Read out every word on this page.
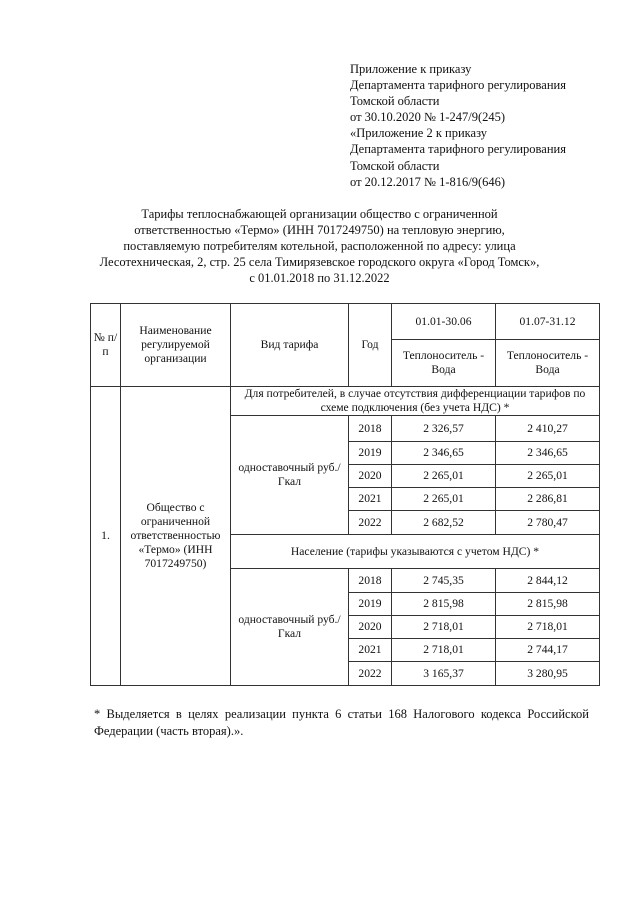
Приложение к приказу
Департамента тарифного регулирования
Томской области
от 30.10.2020 № 1-247/9(245)
«Приложение 2 к приказу
Департамента тарифного регулирования
Томской области
от 20.12.2017 № 1-816/9(646)
Тарифы теплоснабжающей организации общество с ограниченной
ответственностью «Термо» (ИНН 7017249750) на тепловую энергию,
поставляемую потребителям котельной, расположенной по адресу: улица
Лесотехническая, 2, стр. 25 села Тимирязевское городского округа «Город Томск»,
с 01.01.2018 по 31.12.2022
№ п/п	Наименование регулируемой организации	Вид тарифа	Год	01.01-30.06	01.07-31.12
				Теплоноситель - Вода	Теплоноситель - Вода
1.	Общество с ограниченной ответственностью «Термо» (ИНН 7017249750)	Для потребителей, в случае отсутствия дифференциации тарифов по схеме подключения (без учета НДС) *			
		одноставочный руб./Гкал	2018	2 326,57	2 410,27
			2019	2 346,65	2 346,65
			2020	2 265,01	2 265,01
			2021	2 265,01	2 286,81
			2022	2 682,52	2 780,47
		Население (тарифы указываются с учетом НДС) *			
		одноставочный руб./Гкал	2018	2 745,35	2 844,12
			2019	2 815,98	2 815,98
			2020	2 718,01	2 718,01
			2021	2 718,01	2 744,17
			2022	3 165,37	3 280,95
* Выделяется в целях реализации пункта 6 статьи 168 Налогового кодекса Российской Федерации (часть вторая).».
